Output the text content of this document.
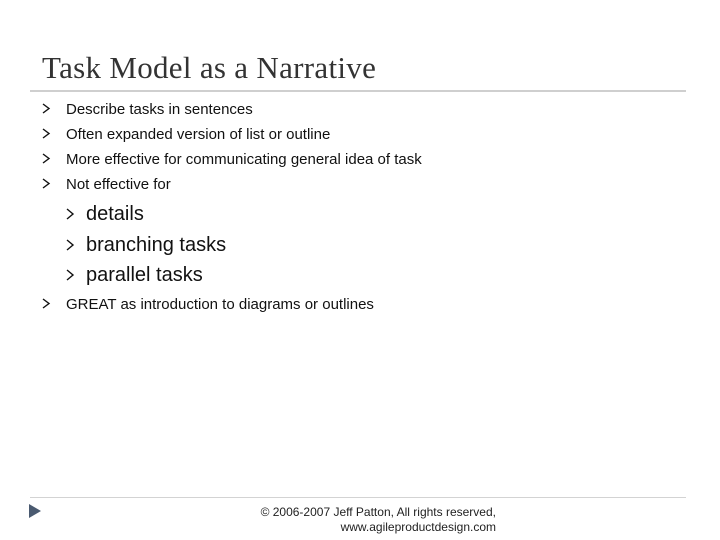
Task Model as a Narrative
Describe tasks in sentences
Often expanded version of list or outline
More effective for communicating general idea of task
Not effective for
details
branching tasks
parallel tasks
GREAT as introduction to diagrams or outlines
© 2006-2007 Jeff Patton, All rights reserved,
www.agileproductdesign.com
